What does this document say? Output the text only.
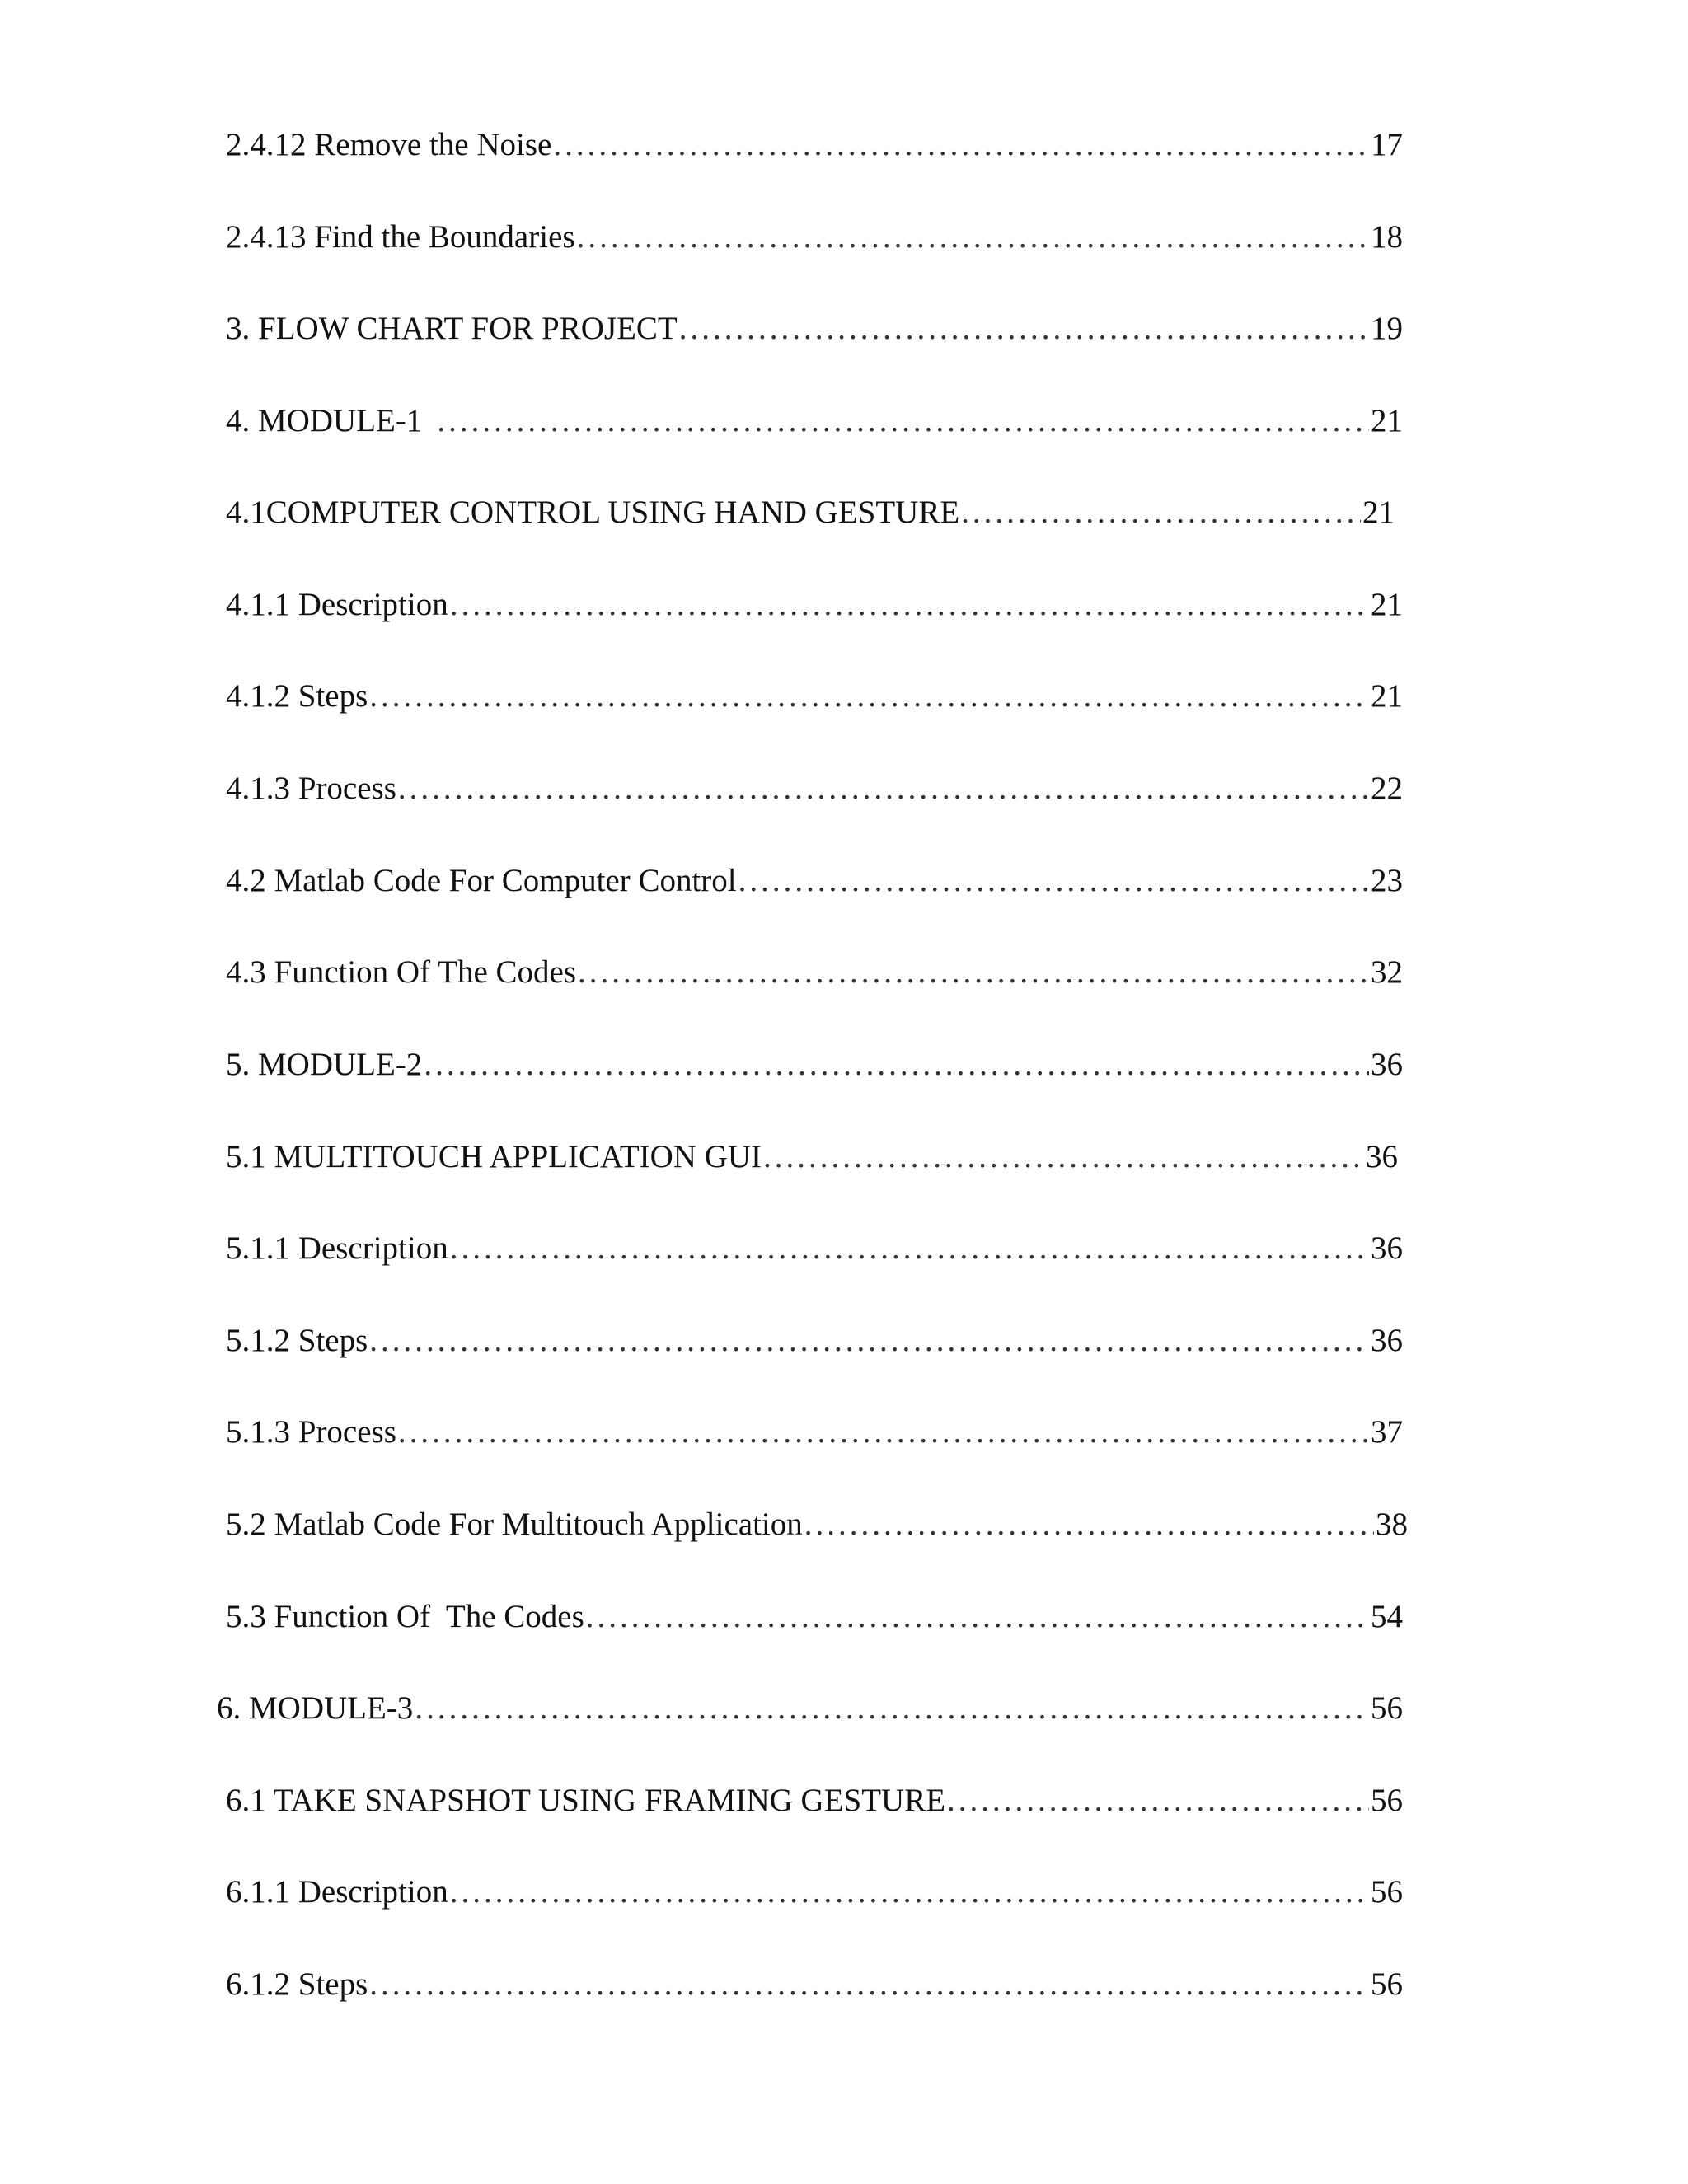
2.4.12 Remove the Noise .....	17
2.4.13 Find the Boundaries .....	18
3. FLOW CHART FOR PROJECT .....	19
4. MODULE-1 .....	21
4.1COMPUTER CONTROL USING HAND GESTURE .....	21
4.1.1 Description .....	21
4.1.2 Steps .....	21
4.1.3 Process .....	22
4.2 Matlab Code For Computer Control .....	23
4.3 Function Of The Codes .....	32
5. MODULE-2 .....	36
5.1 MULTITOUCH APPLICATION GUI .....	36
5.1.1 Description .....	36
5.1.2 Steps .....	36
5.1.3 Process .....	37
5.2 Matlab Code For Multitouch Application .....	38
5.3 Function Of  The Codes .....	54
6. MODULE-3 .....	56
6.1 TAKE SNAPSHOT USING FRAMING GESTURE .....	56
6.1.1 Description .....	56
6.1.2 Steps .....	56
